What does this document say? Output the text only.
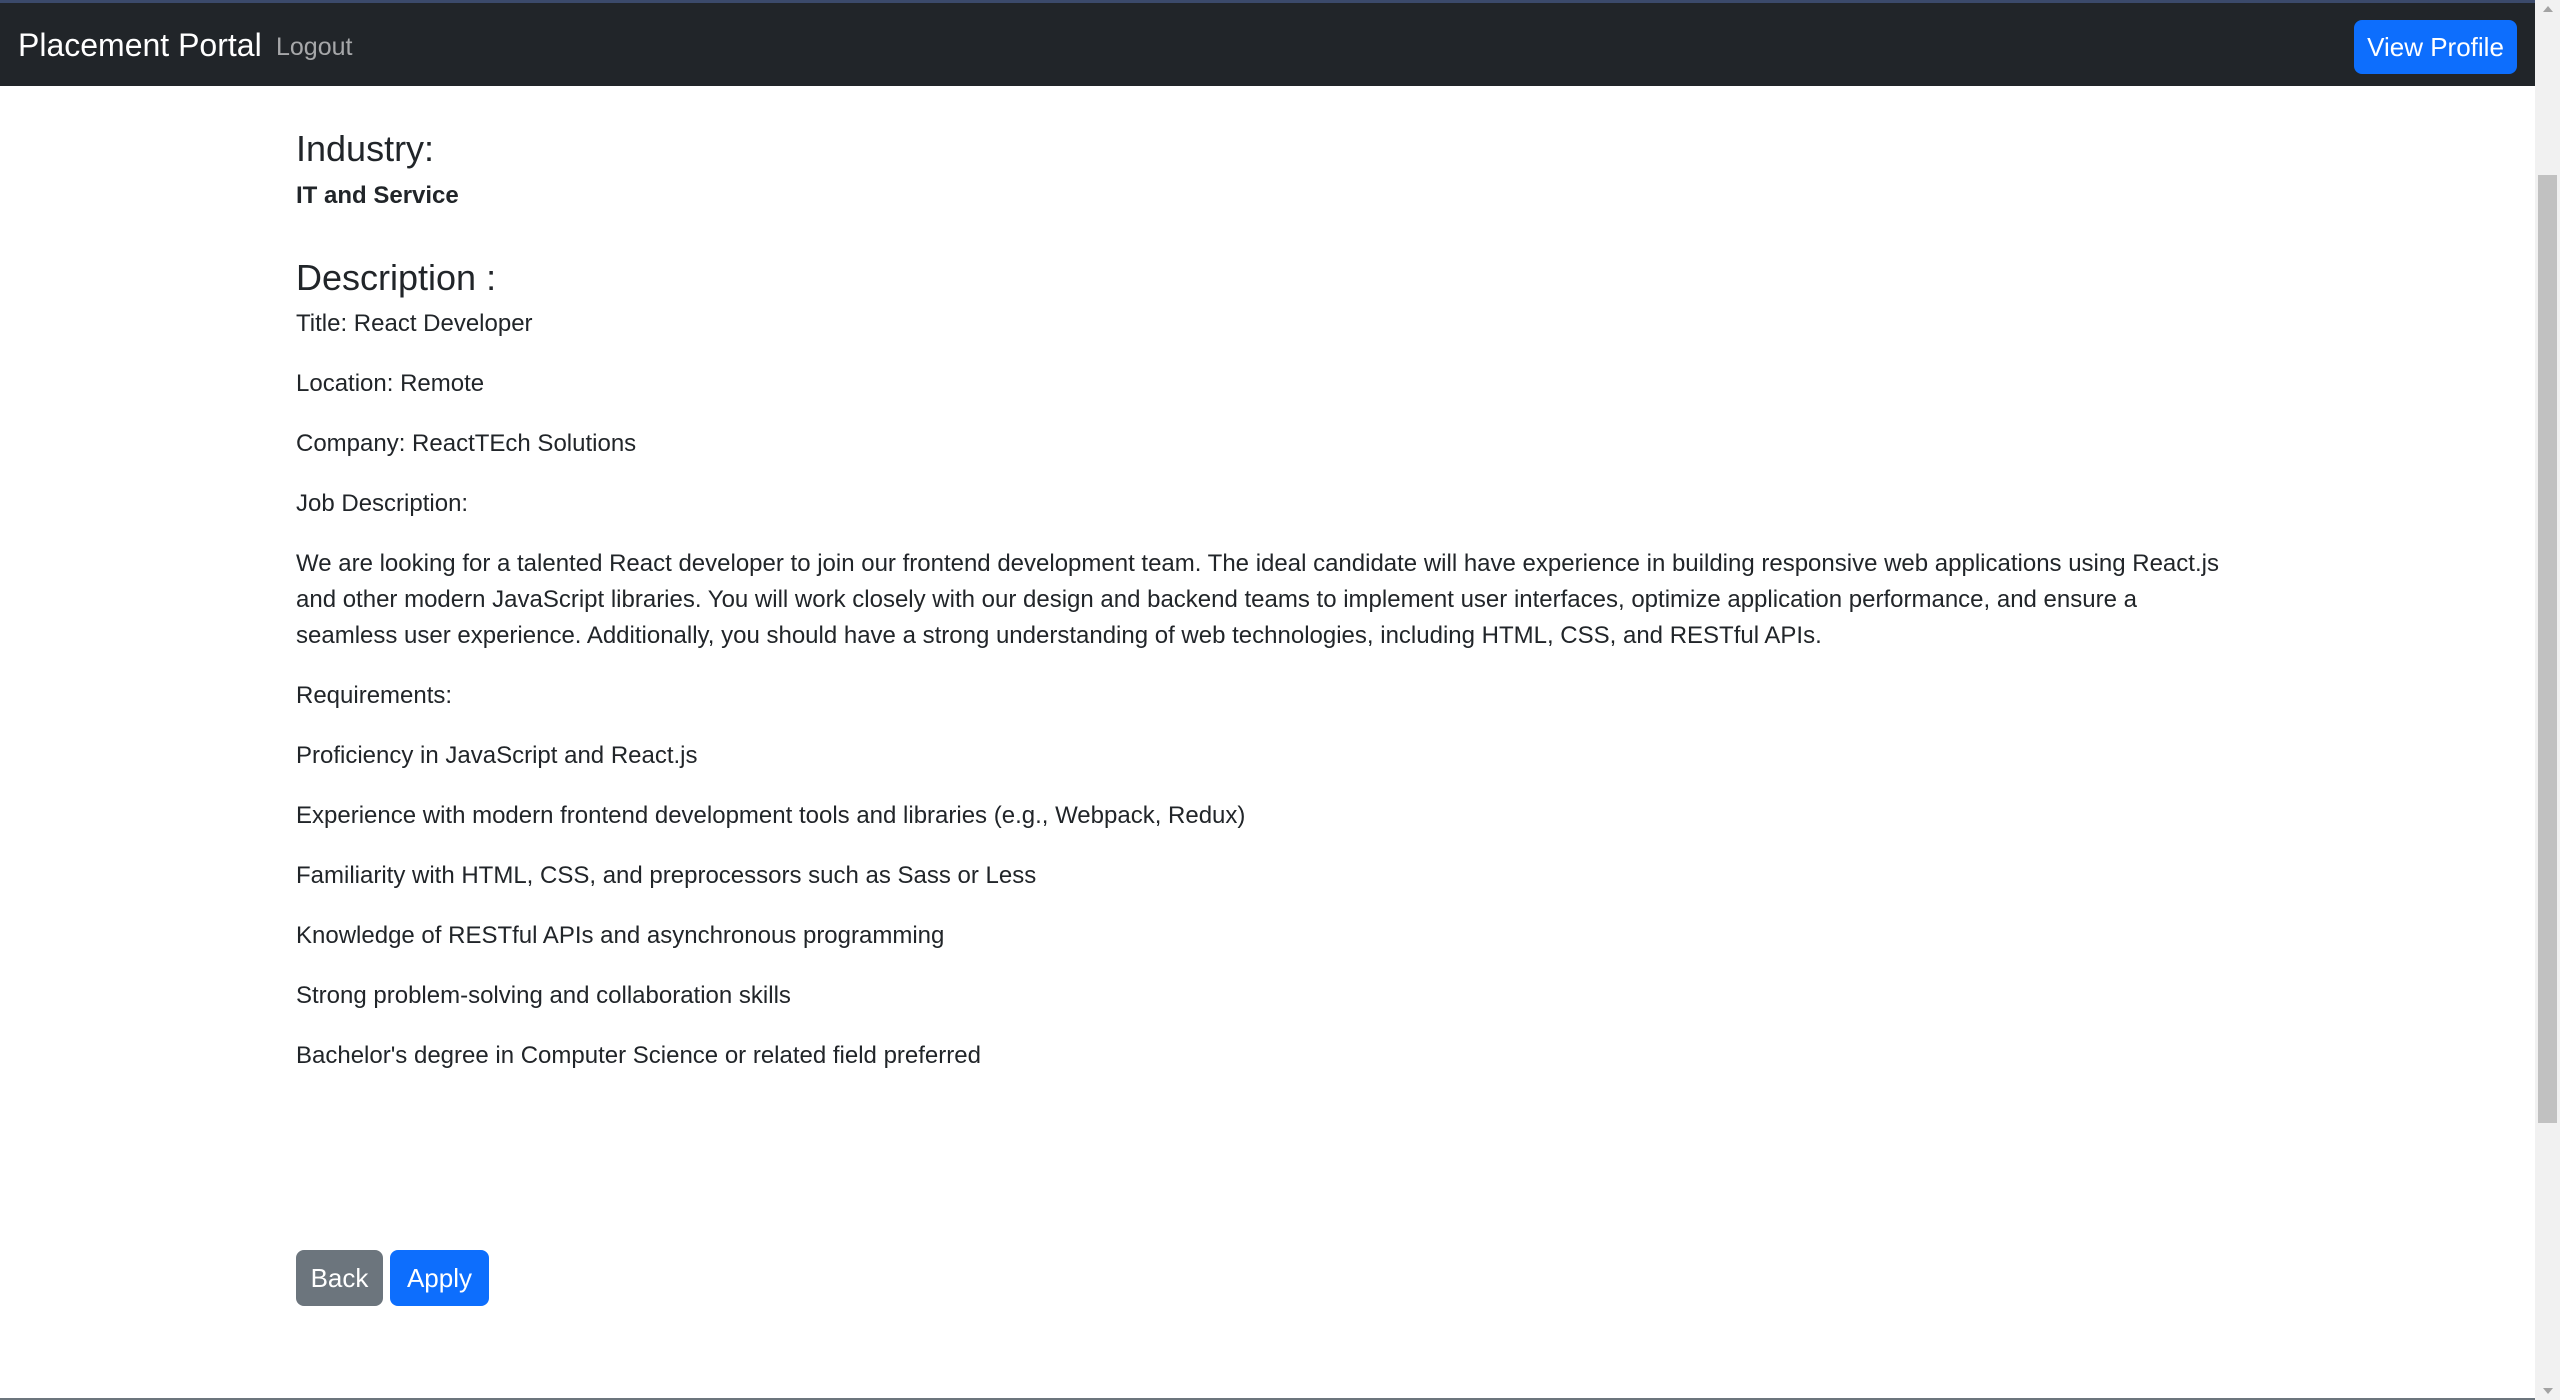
Placement Portal Logout	View Profile
Industry:

IT and Service

Description :

Title: React Developer

Location: Remote

Company: ReactTEch Solutions

Job Description:

We are looking for a talented React developer to join our frontend development team. The ideal candidate will have experience in building responsive web applications using React.js and other modern JavaScript libraries. You will work closely with our design and backend teams to implement user interfaces, optimize application performance, and ensure a seamless user experience. Additionally, you should have a strong understanding of web technologies, including HTML, CSS, and RESTful APIs.

Requirements:

Proficiency in JavaScript and React.js

Experience with modern frontend development tools and libraries (e.g., Webpack, Redux)

Familiarity with HTML, CSS, and preprocessors such as Sass or Less

Knowledge of RESTful APIs and asynchronous programming

Strong problem-solving and collaboration skills

Bachelor's degree in Computer Science or related field preferred

Back	Apply
